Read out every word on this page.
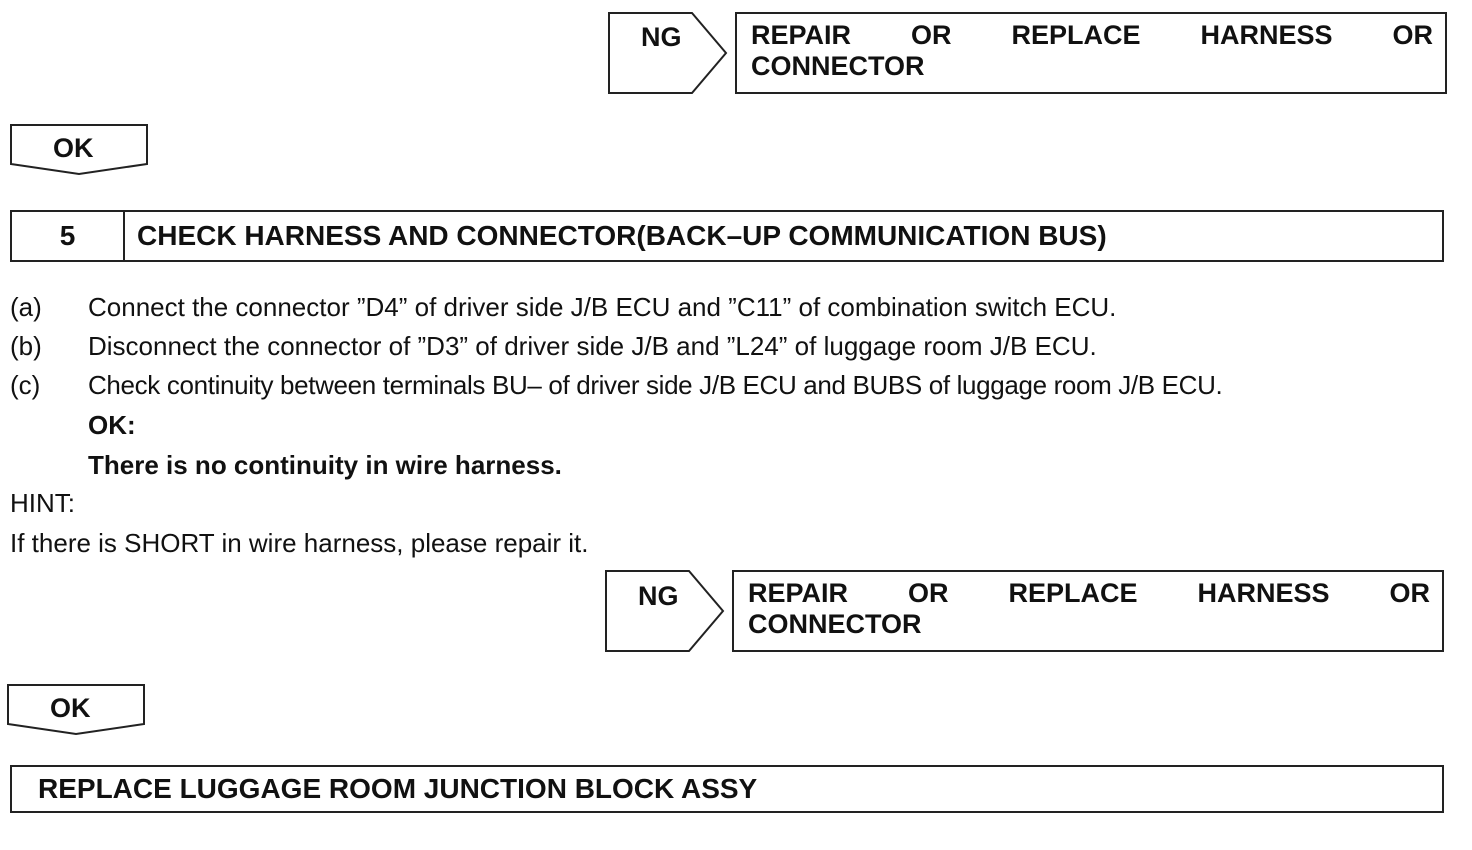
NG	REPAIR OR REPLACE HARNESS OR
CONNECTOR
OK
5	CHECK HARNESS AND CONNECTOR(BACK–UP COMMUNICATION BUS)
(a) Connect the connector ”D4” of driver side J/B ECU and ”C11” of combination switch ECU.
(b) Disconnect the connector of ”D3” of driver side J/B and ”L24” of luggage room J/B ECU.
(c) Check continuity between terminals BU– of driver side J/B ECU and BUBS of luggage room J/B ECU.
OK:
There is no continuity in wire harness.
HINT:
If there is SHORT in wire harness, please repair it.
NG	REPAIR OR REPLACE HARNESS OR
CONNECTOR
OK
REPLACE LUGGAGE ROOM JUNCTION BLOCK ASSY
